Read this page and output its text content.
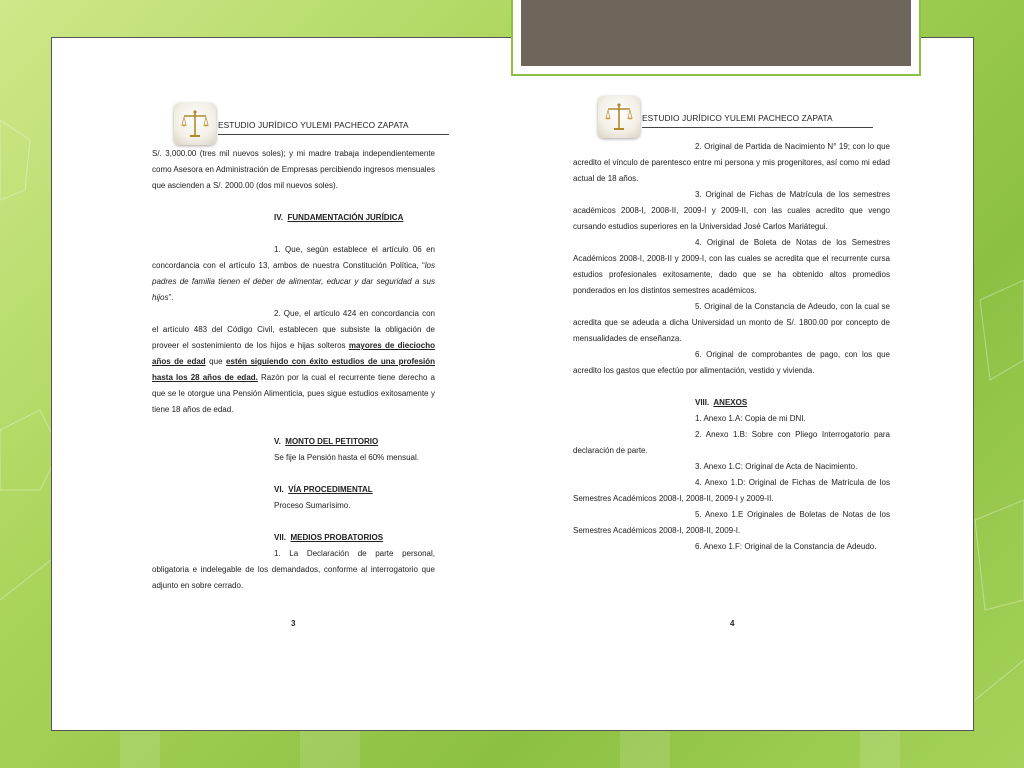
ESTUDIO JURÍDICO YULEMI PACHECO ZAPATA

S/. 3,000.00 (tres mil nuevos soles); y mi madre trabaja independientemente como Asesora en Administración de Empresas percibiendo ingresos mensuales que ascienden a S/. 2000.00 (dos mil nuevos soles).

IV. FUNDAMENTACIÓN JURÍDICA

1. Que, según establece el artículo 06 en concordancia con el artículo 13, ambos de nuestra Constitución Política, “los padres de familia tienen el deber de alimentar, educar y dar seguridad a sus hijos”.

2. Que, el artículo 424 en concordancia con el artículo 483 del Código Civil, establecen que subsiste la obligación de proveer el sostenimiento de los hijos e hijas solteros mayores de dieciocho años de edad que estén siguiendo con éxito estudios de una profesión hasta los 28 años de edad. Razón por la cual el recurrente tiene derecho a que se le otorgue una Pensión Alimenticia, pues sigue estudios exitosamente y tiene 18 años de edad.

V. MONTO DEL PETITORIO

Se fije la Pensión hasta el 60% mensual.

VI. VÍA PROCEDIMENTAL

Proceso Sumarísimo.

VII. MEDIOS PROBATORIOS

1. La Declaración de parte personal, obligatoria e indelegable de los demandados, conforme al interrogatorio que adjunto en sobre cerrado.

3
ESTUDIO JURÍDICO YULEMI PACHECO ZAPATA

2. Original de Partida de Nacimiento N° 19; con lo que acredito el vínculo de parentesco entre mi persona y mis progenitores, así como mi edad actual de 18 años.

3. Original de Fichas de Matrícula de los semestres académicos 2008-I, 2008-II, 2009-I y 2009-II, con las cuales acredito que vengo cursando estudios superiores en la Universidad José Carlos Mariátegui.

4. Original de Boleta de Notas de los Semestres Académicos 2008-I, 2008-II y 2009-I, con las cuales se acredita que el recurrente cursa estudios profesionales exitosamente, dado que se ha obtenido altos promedios ponderados en los distintos semestres académicos.

5. Original de la Constancia de Adeudo, con la cual se acredita que se adeuda a dicha Universidad un monto de S/. 1800.00 por concepto de mensualidades de enseñanza.

6. Original de comprobantes de pago, con los que acredito los gastos que efectúo por alimentación, vestido y vivienda.

VIII. ANEXOS

1. Anexo 1.A: Copia de mi DNI.

2. Anexo 1.B: Sobre con Pliego Interrogatorio para declaración de parte.

3. Anexo 1.C: Original de Acta de Nacimiento.

4. Anexo 1.D: Original de Fichas de Matrícula de los Semestres Académicos 2008-I, 2008-II, 2009-I y 2009-II.

5. Anexo 1.E Originales de Boletas de Notas de los Semestres Académicos 2008-I, 2008-II, 2009-I.

6. Anexo 1.F: Original de la Constancia de Adeudo.

4
